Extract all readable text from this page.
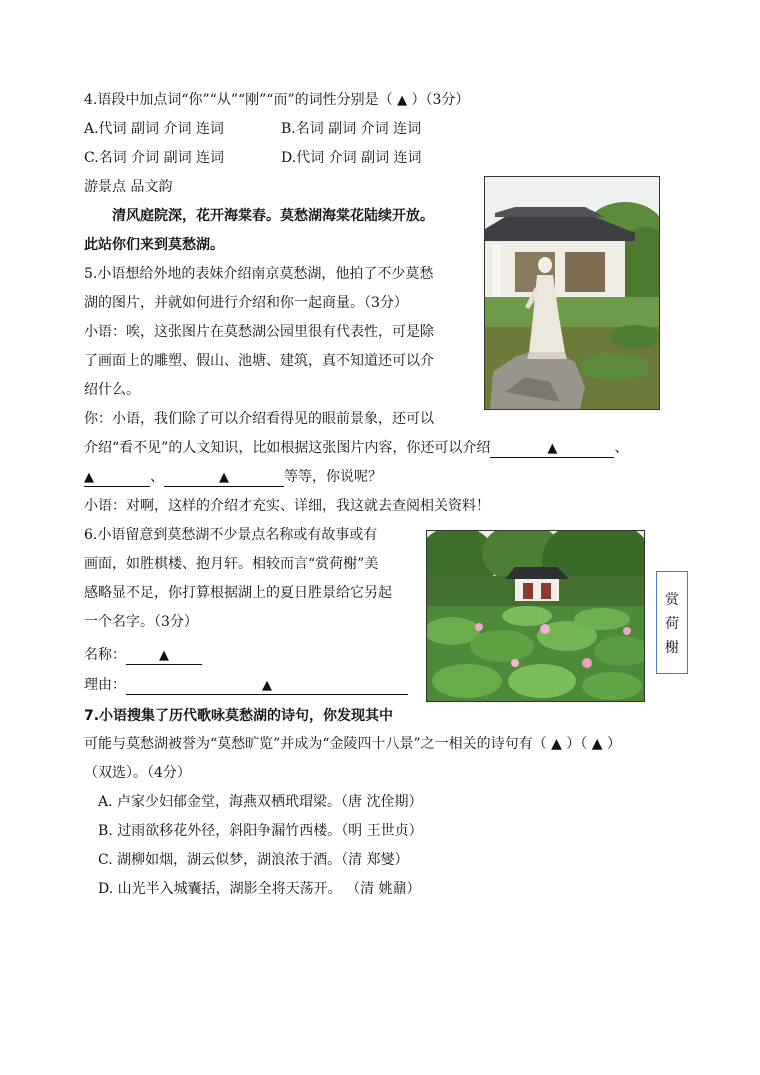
4.语段中加点词“你”“从”“刚”“而”的词性分别是（ ▲ ）（3分）
A.代词 副词 介词 连词	B.名词 副词 介词 连词
C.名词 介词 副词 连词	D.代词 介词 副词 连词
游景点 品文韵
清风庭院深，花开海棠春。莫愁湖海棠花陆续开放。
此站你们来到莫愁湖。
5.小语想给外地的表妹介绍南京莫愁湖，他拍了不少莫愁
湖的图片，并就如何进行介绍和你一起商量。（3分）
小语：唉，这张图片在莫愁湖公园里很有代表性，可是除
了画面上的雕塑、假山、池塘、建筑，真不知道还可以介
绍什么。
你：小语，我们除了可以介绍看得见的眼前景象，还可以
介绍“看不见”的人文知识，比如根据这张图片内容，你还可以介绍	▲	、
▲	、	▲	等等，你说呢？
小语：对啊，这样的介绍才充实、详细，我这就去查阅相关资料！
6.小语留意到莫愁湖不少景点名称或有故事或有
画面，如胜棋楼、抱月轩。相较而言“赏荷榭”美
感略显不足，你打算根据湖上的夏日胜景给它另起
一个名字。（3分）
名称：	▲
理由：	▲
赏
荷
榭
7.小语搜集了历代歌咏莫愁湖的诗句，你发现其中
可能与莫愁湖被誉为“莫愁旷览”并成为“金陵四十八景”之一相关的诗句有（ ▲ ）（ ▲ ）
（双选）。（4分）
A. 卢家少妇郁金堂，海燕双栖玳瑁梁。（唐 沈佺期）
B. 过雨欲移花外径，斜阳争漏竹西楼。（明 王世贞）
C. 湖柳如烟，湖云似梦，湖浪浓于酒。（清 郑燮）
D. 山光半入城囊括，湖影全将天荡开。 （清 姚鼐）
